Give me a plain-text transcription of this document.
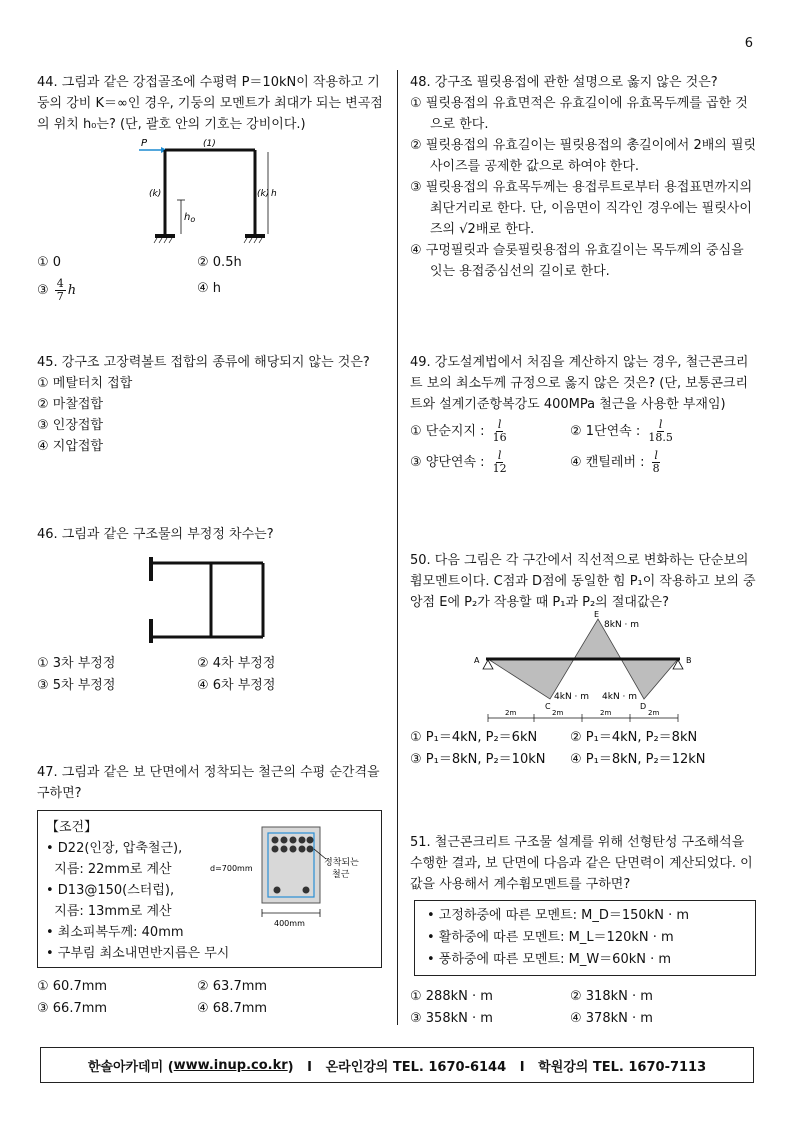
6

44. 그림과 같은 강접골조에 수평력 P＝10kN이 작용하고 기둥의 강비 K＝∞인 경우, 기둥의 모멘트가 최대가 되는 변곡점의 위치 h₀는? (단, 괄호 안의 기호는 강비이다.)

P	(1)
(k)	(k) h
$h_o$
① 0	② 0.5h
③ $\frac{4}{7}$ h	④ h

45. 강구조 고장력볼트 접합의 종류에 해당되지 않는 것은?

① 메탈터치 접합
② 마찰접합
③ 인장접합
④ 지압접합

46. 그림과 같은 구조물의 부정정 차수는?

① 3차 부정정	② 4차 부정정
③ 5차 부정정	④ 6차 부정정

47. 그림과 같은 보 단면에서 정착되는 철근의 수평 순간격을 구하면?

【조건】
• D22(인장, 압축철근),
지름: 22mm로 계산
• D13@150(스터럽),
지름: 13mm로 계산
• 최소피복두께: 40mm
• 구부림 최소내면반지름은 무시
d=700mm
정착되는
철근
400mm
① 60.7mm	② 63.7mm
③ 66.7mm	④ 68.7mm

48. 강구조 필릿용접에 관한 설명으로 옳지 않은 것은?

① 필릿용접의 유효면적은 유효길이에 유효목두께를 곱한 것으로 한다.
② 필릿용접의 유효길이는 필릿용접의 총길이에서 2배의 필릿사이즈를 공제한 값으로 하여야 한다.
③ 필릿용접의 유효목두께는 용접루트로부터 용접표면까지의 최단거리로 한다. 단, 이음면이 직각인 경우에는 필릿사이즈의 √2배로 한다.
④ 구멍필릿과 슬롯필릿용접의 유효길이는 목두께의 중심을 잇는 용접중심선의 길이로 한다.

49. 강도설계법에서 처짐을 계산하지 않는 경우, 철근콘크리트 보의 최소두께 규정으로 옳지 않은 것은? (단, 보통콘크리트와 설계기준항복강도 400MPa 철근을 사용한 부재임)

① 단순지지 : $\frac{l}{16}$	② 1단연속 : $\frac{l}{18.5}$
③ 양단연속 : $\frac{l}{12}$	④ 캔틸레버 : $\frac{l}{8}$

50. 다음 그림은 각 구간에서 직선적으로 변화하는 단순보의 휨모멘트이다. C점과 D점에 동일한 힘 P₁이 작용하고 보의 중앙점 E에 P₂가 작용할 때 P₁과 P₂의 절대값은?

A	B
E
8kN · m
C	D
4kN · m 4kN · m
2m	2m	2m	2m
① P₁＝4kN, P₂＝6kN	② P₁＝4kN, P₂＝8kN
③ P₁＝8kN, P₂＝10kN	④ P₁＝8kN, P₂＝12kN

51. 철근콘크리트 구조물 설계를 위해 선형탄성 구조해석을 수행한 결과, 보 단면에 다음과 같은 단면력이 계산되었다. 이 값을 사용해서 계수휨모멘트를 구하면?

• 고정하중에 따른 모멘트: M_D＝150kN · m
• 활하중에 따른 모멘트: M_L＝120kN · m
• 풍하중에 따른 모멘트: M_W＝60kN · m
① 288kN · m	② 318kN · m
③ 358kN · m	④ 378kN · m
한솔아카데미 ( www.inup.co.kr )   I   온라인강의 TEL. 1670-6144   I   학원강의 TEL. 1670-7113
